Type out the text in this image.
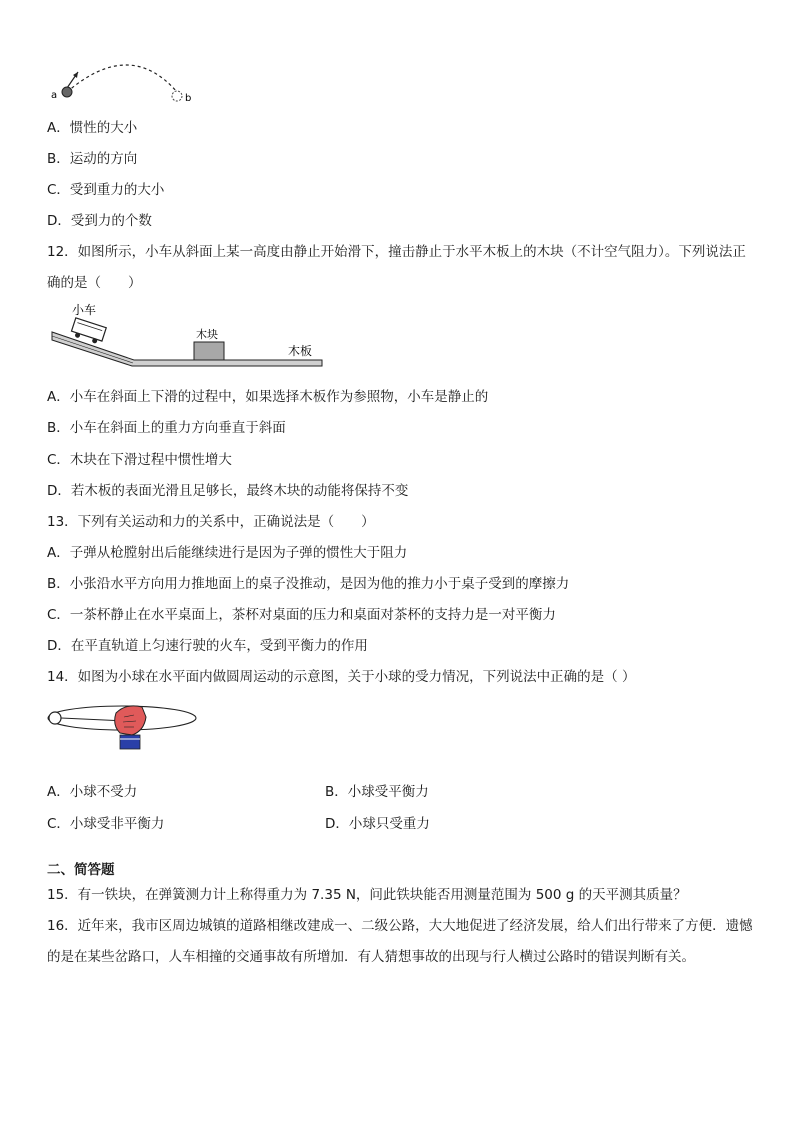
a	b
A．惯性的大小
B．运动的方向
C．受到重力的大小
D．受到力的个数
12．如图所示，小车从斜面上某一高度由静止开始滑下，撞击静止于水平木板上的木块（不计空气阻力）。下列说法正确的是（　　）
小车
木块
木板
A．小车在斜面上下滑的过程中，如果选择木板作为参照物，小车是静止的
B．小车在斜面上的重力方向垂直于斜面
C．木块在下滑过程中惯性增大
D．若木板的表面光滑且足够长，最终木块的动能将保持不变
13．下列有关运动和力的关系中，正确说法是（　　）
A．子弹从枪膛射出后能继续进行是因为子弹的惯性大于阻力
B．小张沿水平方向用力推地面上的桌子没推动，是因为他的推力小于桌子受到的摩擦力
C．一茶杯静止在水平桌面上，茶杯对桌面的压力和桌面对茶杯的支持力是一对平衡力
D．在平直轨道上匀速行驶的火车，受到平衡力的作用
14．如图为小球在水平面内做圆周运动的示意图，关于小球的受力情况，下列说法中正确的是（ ）
A．小球不受力	B．小球受平衡力
C．小球受非平衡力	D．小球只受重力
二、简答题
15．有一铁块，在弹簧测力计上称得重力为 7.35 N，问此铁块能否用测量范围为 500 g 的天平测其质量？
16．近年来，我市区周边城镇的道路相继改建成一、二级公路，大大地促进了经济发展，给人们出行带来了方便．遗憾的是在某些岔路口，人车相撞的交通事故有所增加．有人猜想事故的出现与行人横过公路时的错误判断有关。
